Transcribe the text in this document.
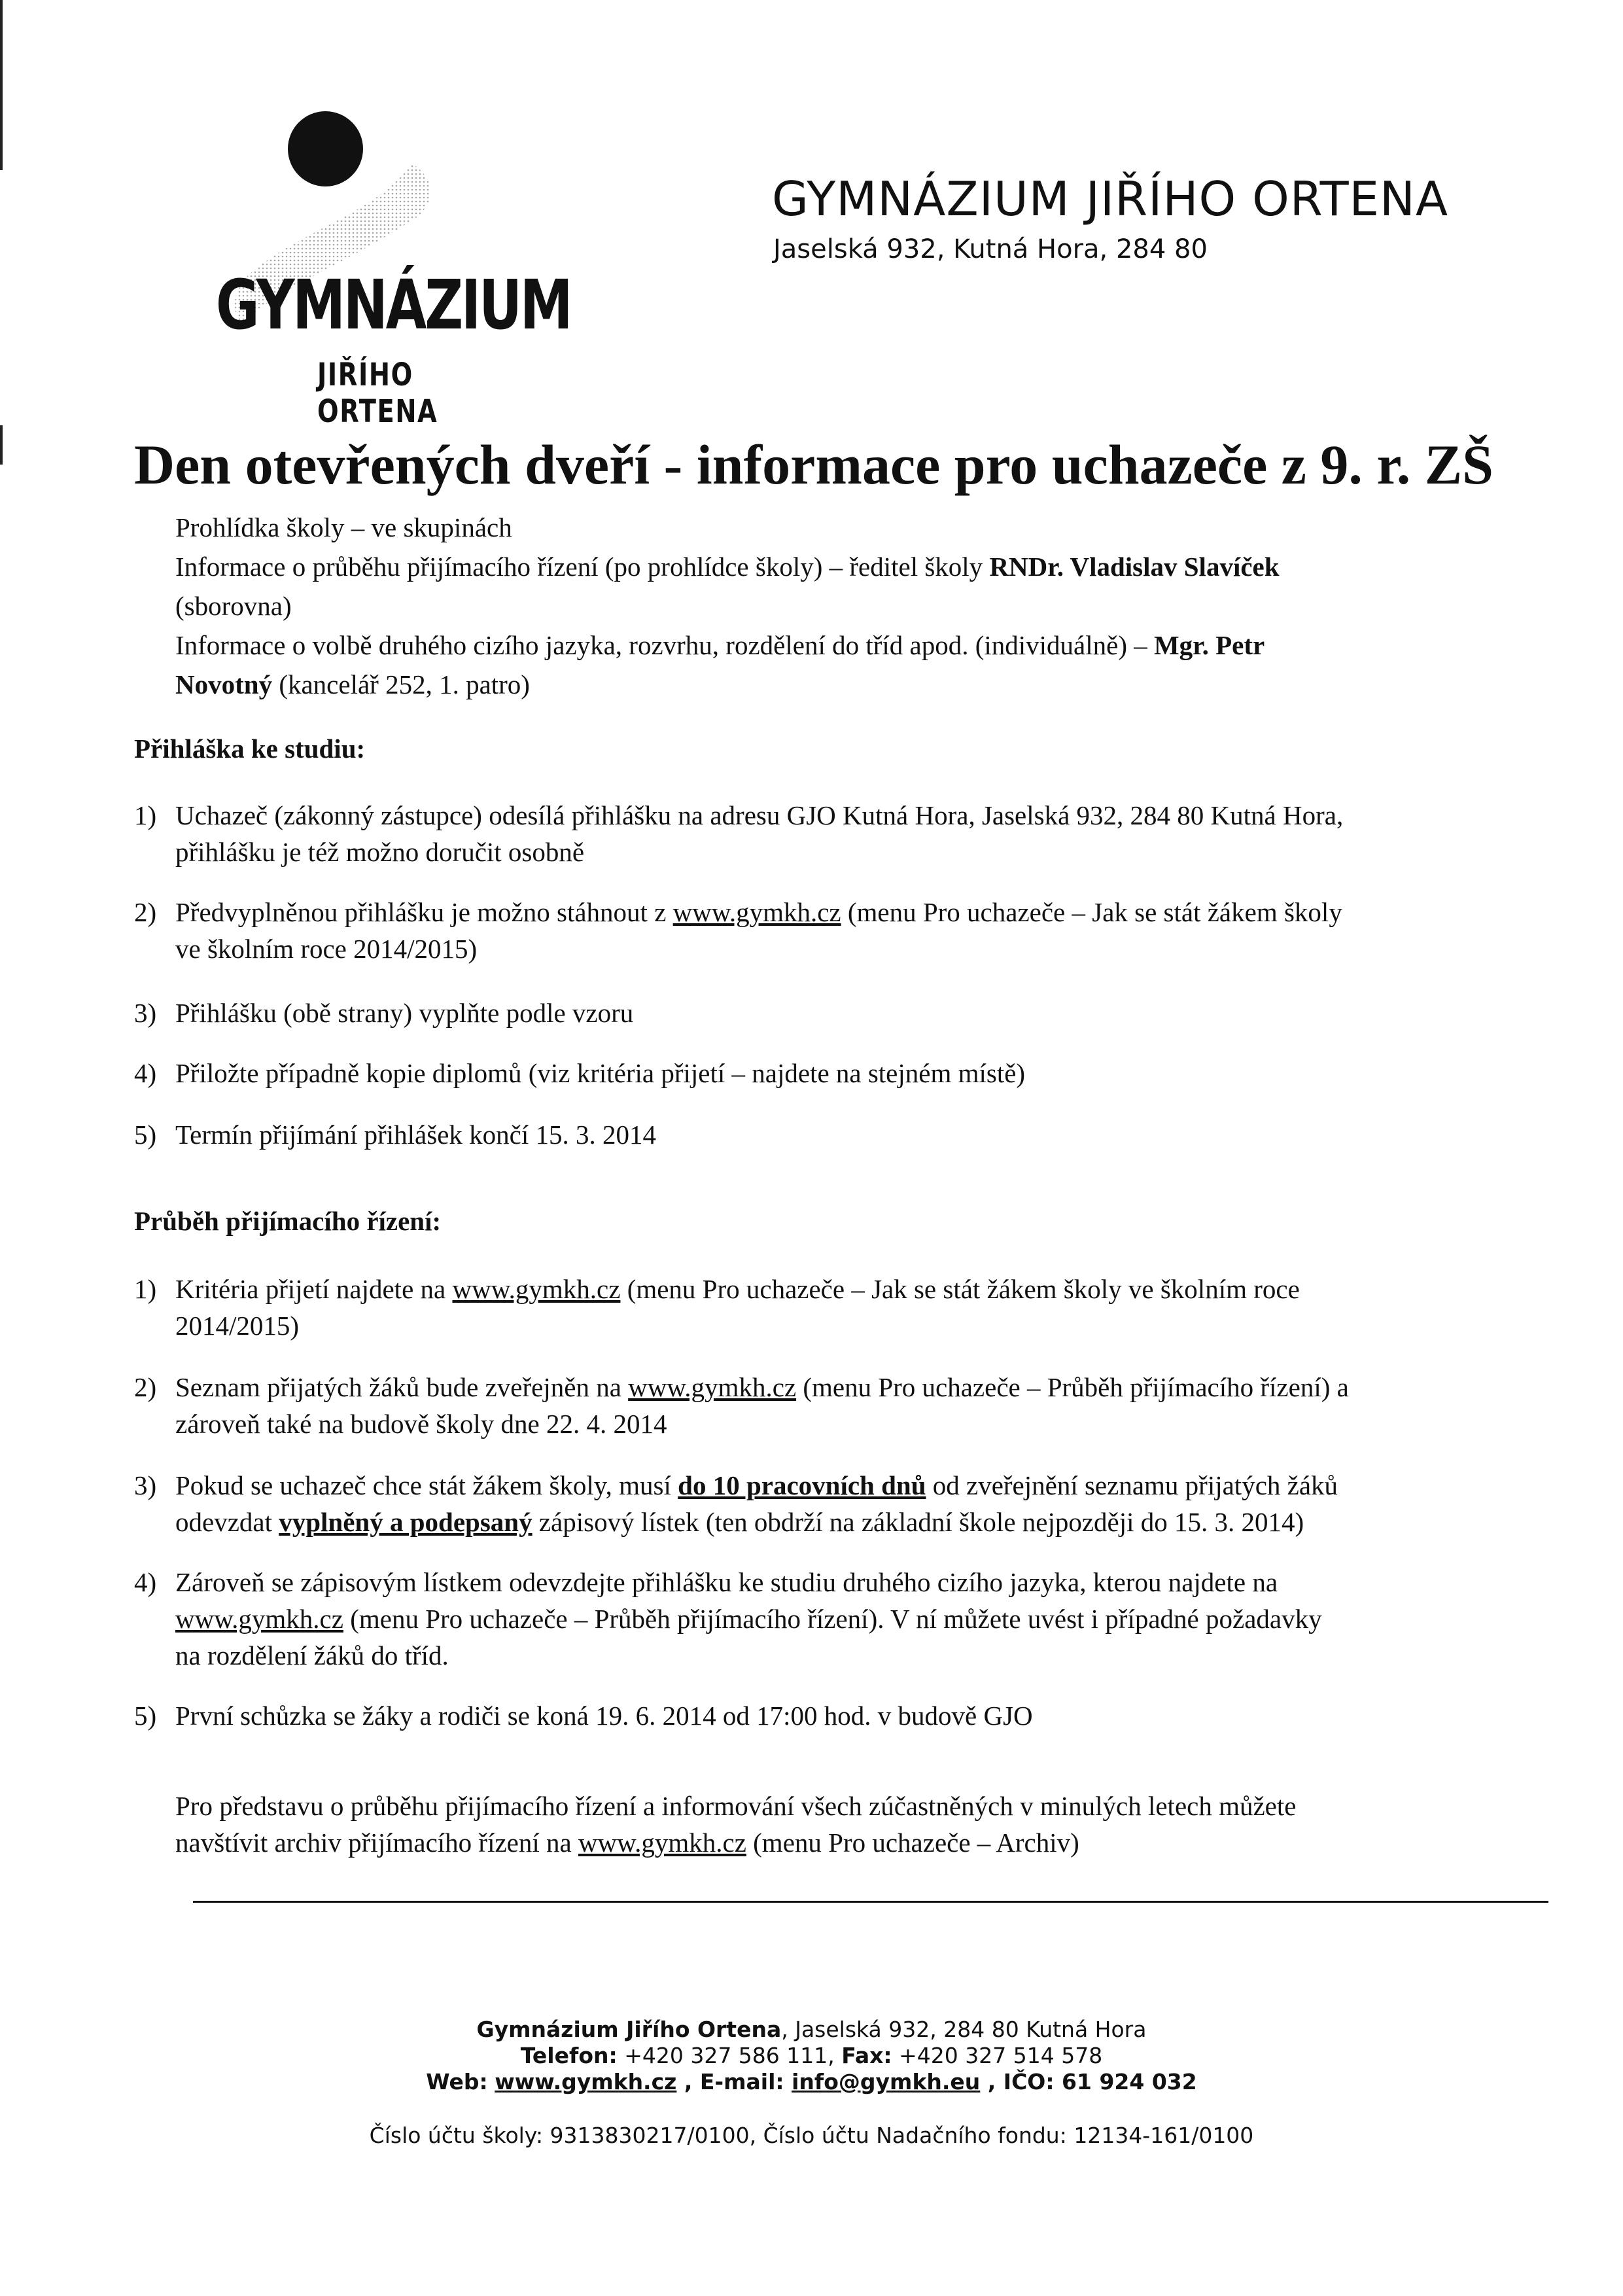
GYMNÁZIUM
JIŘÍHO ORTENA
GYMNÁZIUM JIŘÍHO ORTENA
Jaselská 932, Kutná Hora, 284 80
Den otevřených dveří - informace pro uchazeče z 9. r. ZŠ
Prohlídka školy – ve skupinách
Informace o průběhu přijímacího řízení (po prohlídce školy) – ředitel školy RNDr. Vladislav Slavíček
(sborovna)
Informace o volbě druhého cizího jazyka, rozvrhu, rozdělení do tříd apod. (individuálně) – Mgr. Petr
Novotný (kancelář 252, 1. patro)
Přihláška ke studiu:
1) Uchazeč (zákonný zástupce) odesílá přihlášku na adresu GJO Kutná Hora, Jaselská 932, 284 80 Kutná Hora,
přihlášku je též možno doručit osobně
2) Předvyplněnou přihlášku je možno stáhnout z www.gymkh.cz (menu Pro uchazeče – Jak se stát žákem školy
ve školním roce 2014/2015)
3) Přihlášku (obě strany) vyplňte podle vzoru
4) Přiložte případně kopie diplomů (viz kritéria přijetí – najdete na stejném místě)
5) Termín přijímání přihlášek končí 15. 3. 2014
Průběh přijímacího řízení:
1) Kritéria přijetí najdete na www.gymkh.cz (menu Pro uchazeče – Jak se stát žákem školy ve školním roce
2014/2015)
2) Seznam přijatých žáků bude zveřejněn na www.gymkh.cz (menu Pro uchazeče – Průběh přijímacího řízení) a
zároveň také na budově školy dne 22. 4. 2014
3) Pokud se uchazeč chce stát žákem školy, musí do 10 pracovních dnů od zveřejnění seznamu přijatých žáků
odevzdat vyplněný a podepsaný zápisový lístek (ten obdrží na základní škole nejpozději do 15. 3. 2014)
4) Zároveň se zápisovým lístkem odevzdejte přihlášku ke studiu druhého cizího jazyka, kterou najdete na
www.gymkh.cz (menu Pro uchazeče – Průběh přijímacího řízení). V ní můžete uvést i případné požadavky
na rozdělení žáků do tříd.
5) První schůzka se žáky a rodiči se koná 19. 6. 2014 od 17:00 hod. v budově GJO
Pro představu o průběhu přijímacího řízení a informování všech zúčastněných v minulých letech můžete
navštívit archiv přijímacího řízení na www.gymkh.cz (menu Pro uchazeče – Archiv)
Gymnázium Jiřího Ortena, Jaselská 932, 284 80 Kutná Hora
Telefon: +420 327 586 111, Fax: +420 327 514 578
Web: www.gymkh.cz , E-mail: info@gymkh.eu , IČO: 61 924 032
Číslo účtu školy: 9313830217/0100, Číslo účtu Nadačního fondu: 12134-161/0100
